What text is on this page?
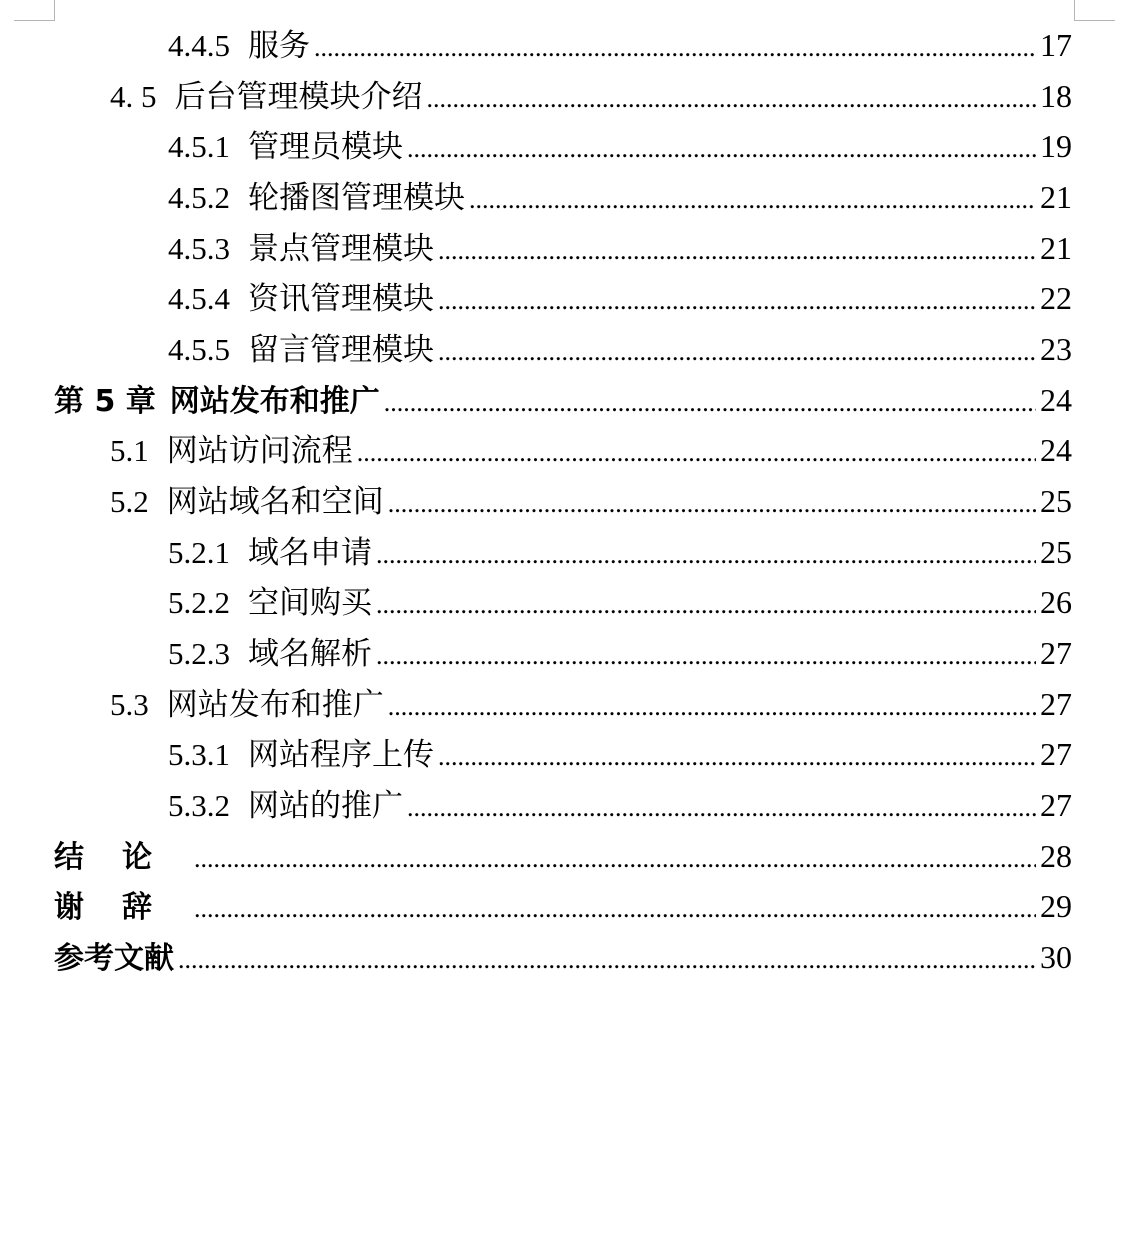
4.4.5 服务 .....	17
4. 5 后台管理模块介绍 .....	18
4.5.1 管理员模块 .....	19
4.5.2 轮播图管理模块 .....	21
4.5.3 景点管理模块 .....	21
4.5.4 资讯管理模块 .....	22
4.5.5 留言管理模块 .....	23
第 5 章 网站发布和推广 .....	24
5.1 网站访问流程 .....	24
5.2 网站域名和空间 .....	25
5.2.1 域名申请 .....	25
5.2.2 空间购买 .....	26
5.2.3 域名解析 .....	27
5.3 网站发布和推广 .....	27
5.3.1 网站程序上传 .....	27
5.3.2 网站的推广 .....	27
结论 .....	28
谢辞 .....	29
参考文献 .....	30
